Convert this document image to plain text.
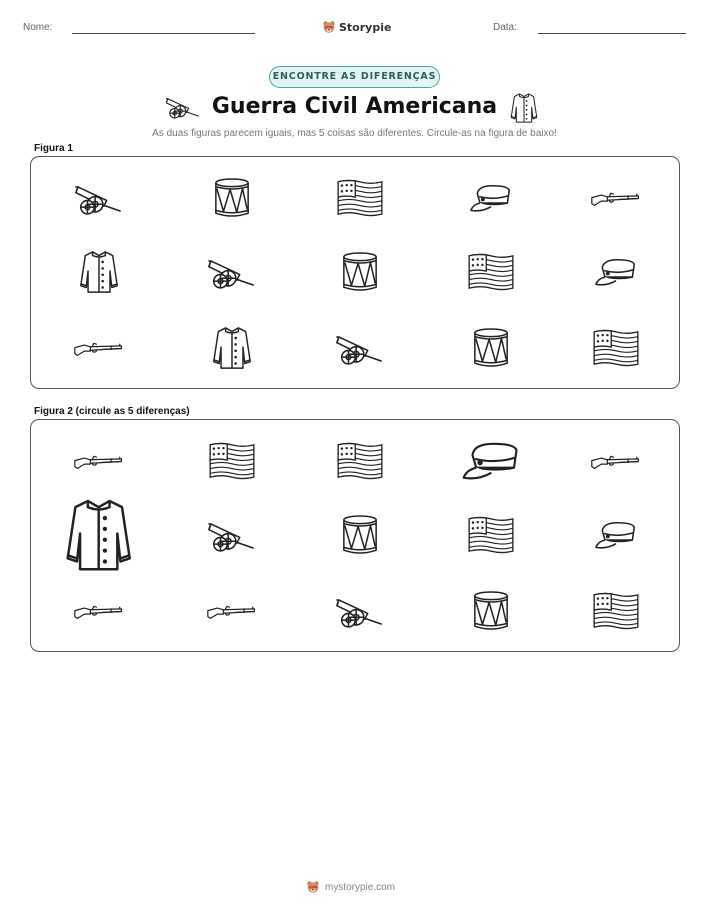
Nome:	Storypie	Data:
ENCONTRE AS DIFERENÇAS
Guerra Civil Americana
As duas figuras parecem iguais, mas 5 coisas são diferentes. Circule-as na figura de baixo!
Figura 1
Figura 2 (circule as 5 diferenças)
mystorypie.com
